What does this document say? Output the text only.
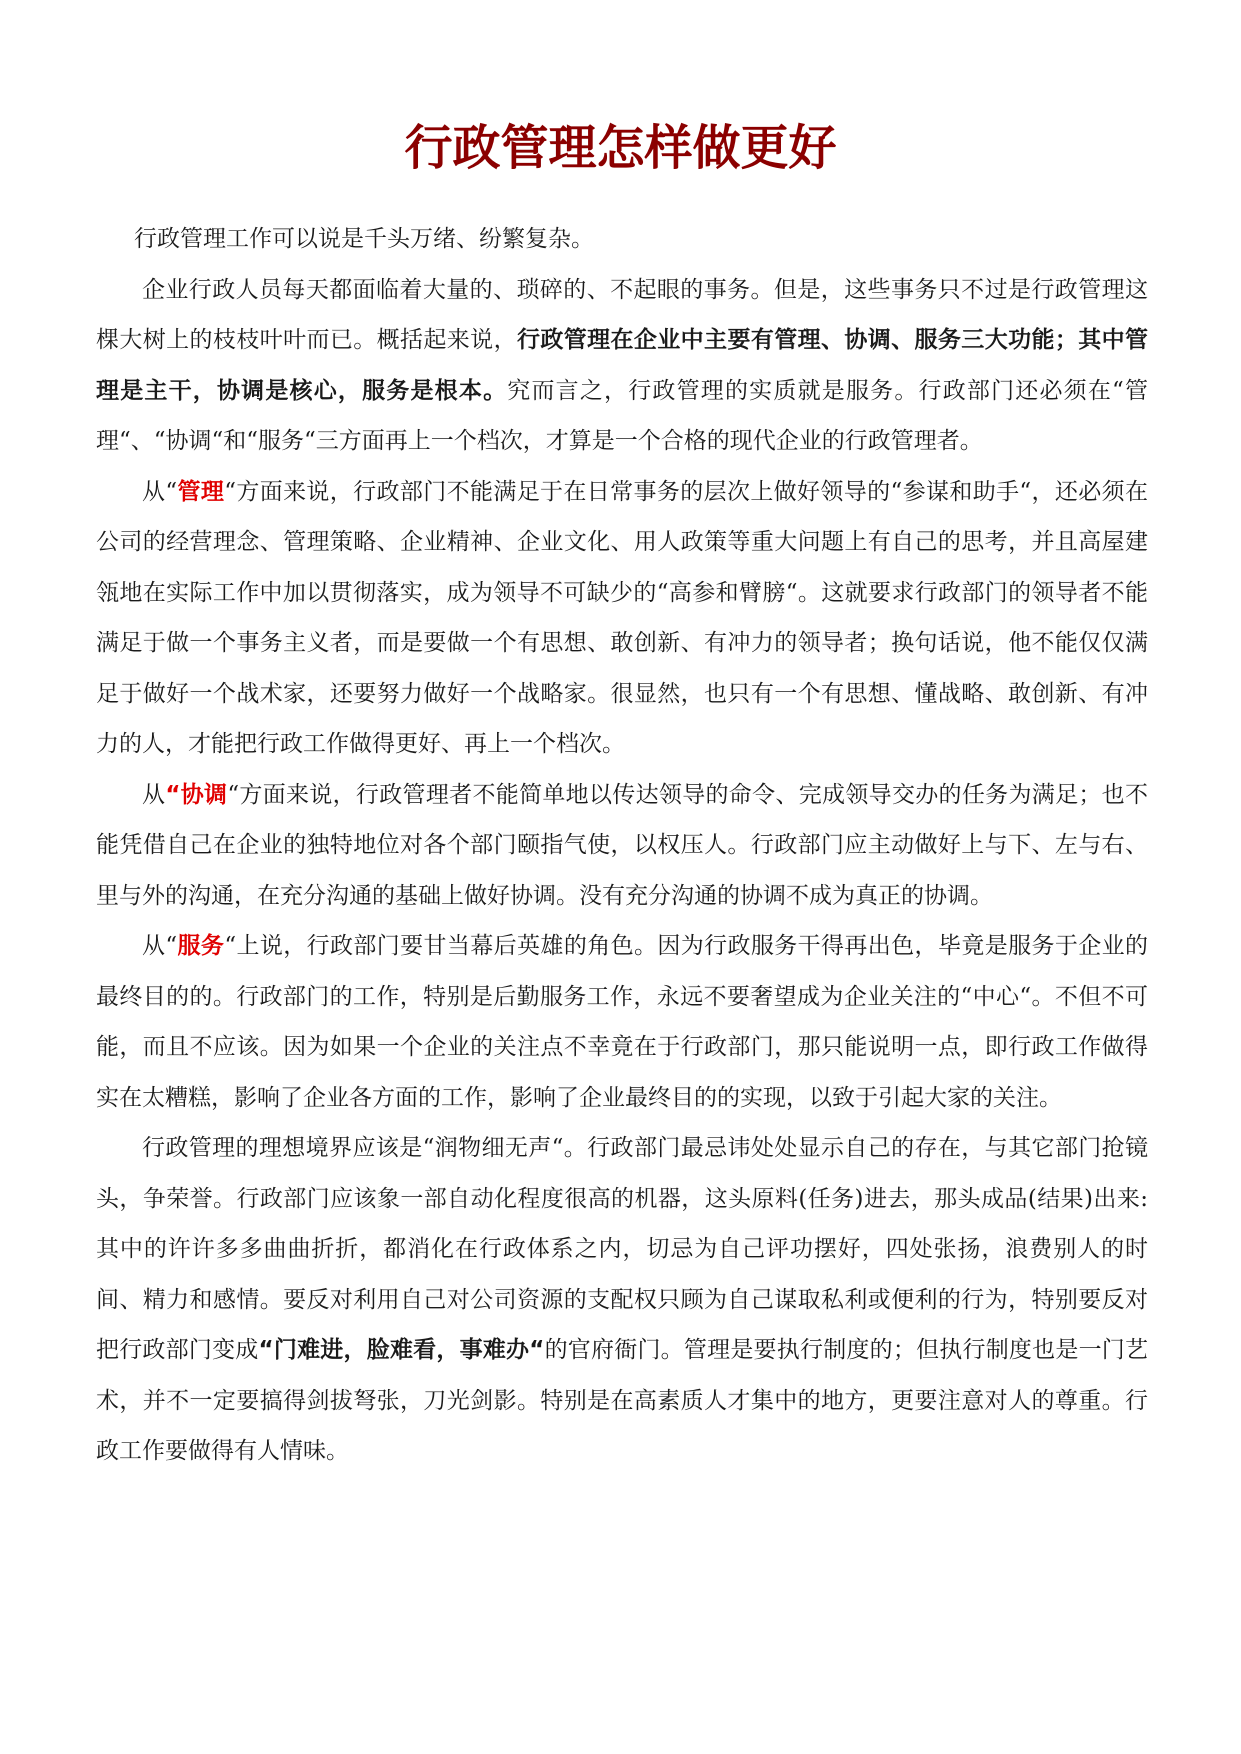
行政管理怎样做更好

行政管理工作可以说是千头万绪、纷繁复杂。

企业行政人员每天都面临着大量的、琐碎的、不起眼的事务。但是，这些事务只不过是行政管理这棵大树上的枝枝叶叶而已。概括起来说，行政管理在企业中主要有管理、协调、服务三大功能；其中管理是主干，协调是核心，服务是根本。究而言之，行政管理的实质就是服务。行政部门还必须在“管理“、“协调“和“服务“三方面再上一个档次，才算是一个合格的现代企业的行政管理者。

从“管理“方面来说，行政部门不能满足于在日常事务的层次上做好领导的“参谋和助手“，还必须在公司的经营理念、管理策略、企业精神、企业文化、用人政策等重大问题上有自己的思考，并且高屋建瓴地在实际工作中加以贯彻落实，成为领导不可缺少的“高参和臂膀“。这就要求行政部门的领导者不能满足于做一个事务主义者，而是要做一个有思想、敢创新、有冲力的领导者；换句话说，他不能仅仅满足于做好一个战术家，还要努力做好一个战略家。很显然，也只有一个有思想、懂战略、敢创新、有冲力的人，才能把行政工作做得更好、再上一个档次。

从“协调“方面来说，行政管理者不能简单地以传达领导的命令、完成领导交办的任务为满足；也不能凭借自己在企业的独特地位对各个部门颐指气使，以权压人。行政部门应主动做好上与下、左与右、里与外的沟通，在充分沟通的基础上做好协调。没有充分沟通的协调不成为真正的协调。

从“服务“上说，行政部门要甘当幕后英雄的角色。因为行政服务干得再出色，毕竟是服务于企业的最终目的的。行政部门的工作，特别是后勤服务工作，永远不要奢望成为企业关注的“中心“。不但不可能，而且不应该。因为如果一个企业的关注点不幸竟在于行政部门，那只能说明一点，即行政工作做得实在太糟糕，影响了企业各方面的工作，影响了企业最终目的的实现，以致于引起大家的关注。

行政管理的理想境界应该是“润物细无声“。行政部门最忌讳处处显示自己的存在，与其它部门抢镜头，争荣誉。行政部门应该象一部自动化程度很高的机器，这头原料(任务)进去，那头成品(结果)出来: 其中的许许多多曲曲折折，都消化在行政体系之内，切忌为自己评功摆好，四处张扬，浪费别人的时间、精力和感情。要反对利用自己对公司资源的支配权只顾为自己谋取私利或便利的行为，特别要反对把行政部门变成“门难进，脸难看，事难办“的官府衙门。管理是要执行制度的；但执行制度也是一门艺术，并不一定要搞得剑拔弩张，刀光剑影。特别是在高素质人才集中的地方，更要注意对人的尊重。行政工作要做得有人情味。
